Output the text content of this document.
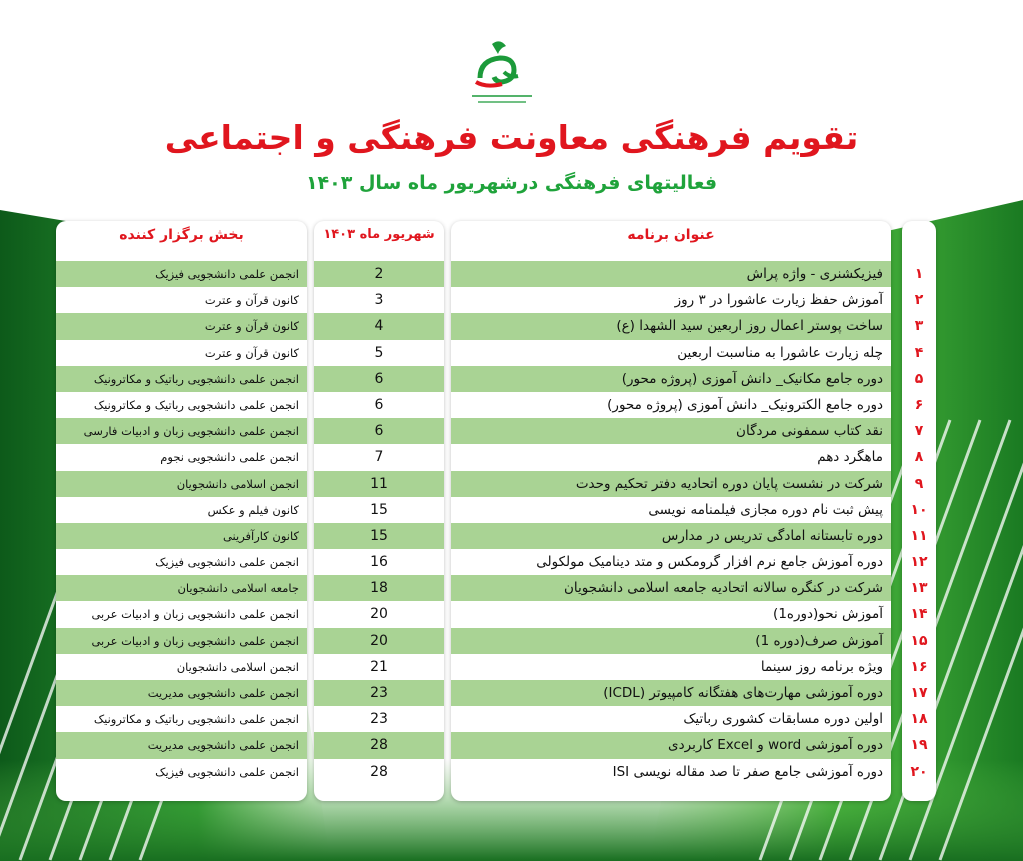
تقویم فرهنگی معاونت فرهنگی و اجتماعی
فعالیتهای فرهنگی درشهریور ماه سال ۱۴۰۳
بخش برگزار کننده
انجمن علمی دانشجویی فیزیک
کانون قرآن و عترت
کانون قرآن و عترت
کانون قرآن و عترت
انجمن علمی دانشجویی رباتیک و مکاترونیک
انجمن علمی دانشجویی رباتیک و مکاترونیک
انجمن علمی دانشجویی زبان و ادبیات فارسی
انجمن علمی دانشجویی نجوم
انجمن اسلامی دانشجویان
کانون فیلم و عکس
کانون کارآفرینی
انجمن علمی دانشجویی فیزیک
جامعه اسلامی دانشجویان
انجمن علمی دانشجویی زبان و ادبیات عربی
انجمن علمی دانشجویی زبان و ادبیات عربی
انجمن اسلامی دانشجویان
انجمن علمی دانشجویی مدیریت
انجمن علمی دانشجویی رباتیک و مکاترونیک
انجمن علمی دانشجویی مدیریت
انجمن علمی دانشجویی فیزیک
شهریور ماه ۱۴۰۳
2
3
4
5
6
6
6
7
11
15
15
16
18
20
20
21
23
23
28
28
عنوان برنامه
فیزیکشنری - واژه پراش
آموزش حفظ زیارت عاشورا در ۳ روز
ساخت پوستر اعمال روز اربعین سید الشهدا (ع)
چله زیارت عاشورا به مناسبت اربعین
دوره جامع مکانیک_ دانش آموزی (پروژه محور)
دوره جامع الکترونیک_ دانش آموزی (پروژه محور)
نقد کتاب سمفونی مردگان
ماهگرد دهم
شرکت در نشست پایان دوره اتحادیه دفتر تحکیم وحدت
پیش ثبت نام دوره مجازی فیلمنامه نویسی
دوره تابستانه امادگی تدریس در مدارس
دوره آموزش جامع نرم افزار گرومکس و متد دینامیک مولکولی
شرکت در کنگره سالانه اتحادیه جامعه اسلامی دانشجویان
آموزش نحو(دوره1)
آموزش صرف(دوره 1)
ویژه برنامه روز سینما
دوره آموزشی مهارت‌های هفتگانه کامپیوتر (ICDL)
اولین دوره مسابقات کشوری رباتیک
دوره آموزشی word و Excel کاربردی
دوره آموزشی جامع صفر تا صد مقاله نویسی ISI
۱
۲
۳
۴
۵
۶
۷
۸
۹
۱۰
۱۱
۱۲
۱۳
۱۴
۱۵
۱۶
۱۷
۱۸
۱۹
۲۰
